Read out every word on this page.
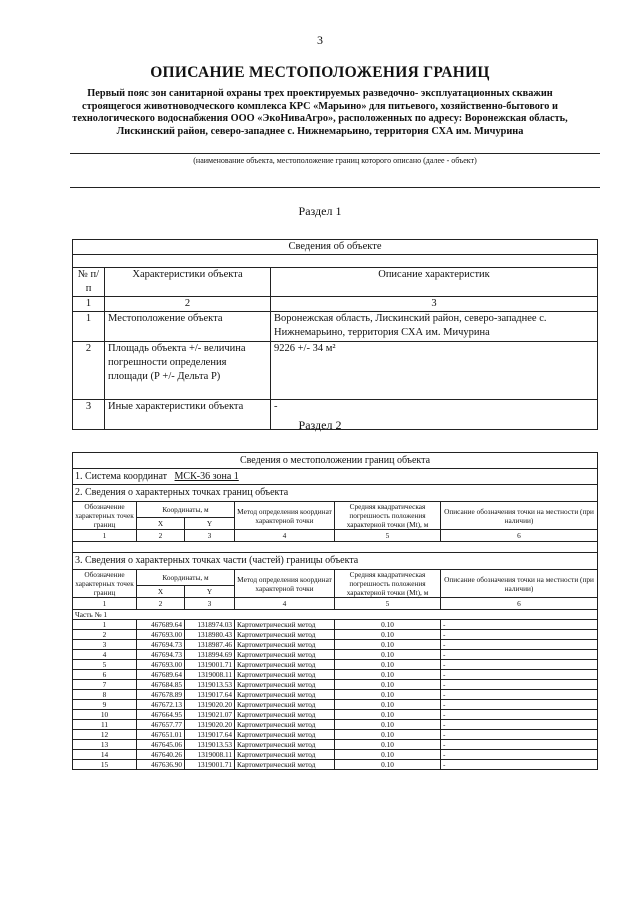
3
ОПИСАНИЕ МЕСТОПОЛОЖЕНИЯ ГРАНИЦ
Первый пояс зон санитарной охраны трех проектируемых разведочно- эксплуатационных скважин строящегося животноводческого комплекса КРС «Марьино» для питьевого, хозяйственно-бытового и технологического водоснабжения ООО «ЭкоНиваАгро», расположенных по адресу: Воронежская область, Лискинский район, северо-западнее с. Нижнемарьино, территория СХА им. Мичурина
(наименование объекта, местоположение границ которого описано (далее - объект)
Раздел 1
Сведения об объекте		

№ п/п	Характеристики объекта	Описание характеристик
1	2	3
1	Местоположение объекта	Воронежская область, Лискинский район, северо-западнее с. Нижнемарьино, территория СХА им. Мичурина
2	Площадь объекта +/- величина погрешности определения площади (Р +/- Дельта Р)	9226 +/- 34 м²
3	Иные характеристики объекта	-
Раздел 2
Сведения о местоположении границ объекта					
1. Система координат МСК-36 зона 1					
2. Сведения о характерных точках границ объекта					
Обозначение характерных точек границ	Координаты, м		Метод определения координат характерной точки	Средняя квадратическая погрешность положения характерной точки (Mt), м	Описание обозначения точки на местности (при наличии)
	X	Y			
1	2	3	4	5	6

3. Сведения о характерных точках части (частей) границы объекта					
Обозначение характерных точек границ	Координаты, м		Метод определения координат характерной точки	Средняя квадратическая погрешность положения характерной точки (Mt), м	Описание обозначения точки на местности (при наличии)
	X	Y			
1	2	3	4	5	6
Часть № 1					
1	467689.64	1318974.03	Картометрический метод	0.10	-
2	467693.00	1318980.43	Картометрический метод	0.10	-
3	467694.73	1318987.46	Картометрический метод	0.10	-
4	467694.73	1318994.69	Картометрический метод	0.10	-
5	467693.00	1319001.71	Картометрический метод	0.10	-
6	467689.64	1319008.11	Картометрический метод	0.10	-
7	467684.85	1319013.53	Картометрический метод	0.10	-
8	467678.89	1319017.64	Картометрический метод	0.10	-
9	467672.13	1319020.20	Картометрический метод	0.10	-
10	467664.95	1319021.07	Картометрический метод	0.10	-
11	467657.77	1319020.20	Картометрический метод	0.10	-
12	467651.01	1319017.64	Картометрический метод	0.10	-
13	467645.06	1319013.53	Картометрический метод	0.10	-
14	467640.26	1319008.11	Картометрический метод	0.10	-
15	467636.90	1319001.71	Картометрический метод	0.10	-
